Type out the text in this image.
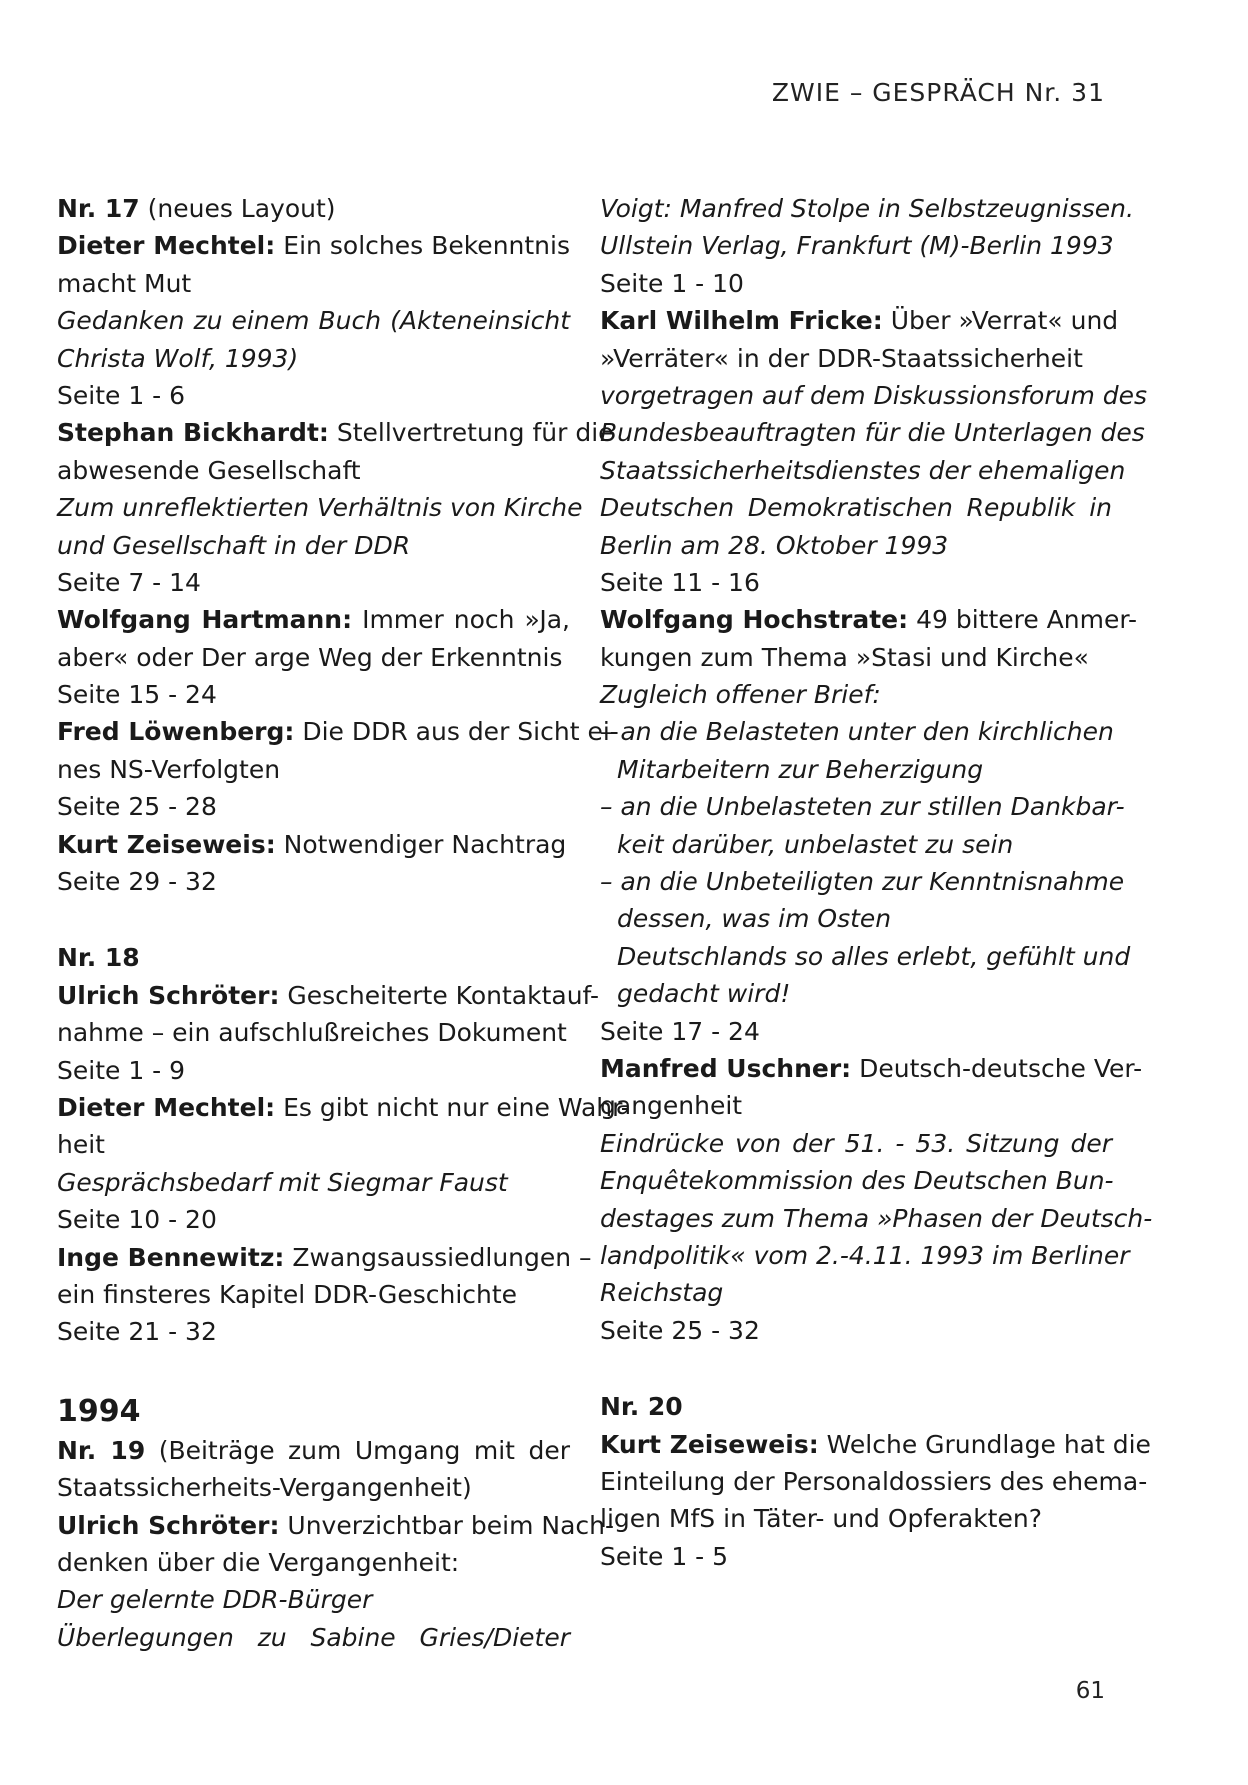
ZWIE – GESPRÄCH Nr. 31
Nr. 17 (neues Layout)
Dieter Mechtel: Ein solches Bekenntnis
macht Mut
Gedanken zu einem Buch (Akteneinsicht
Christa Wolf, 1993)
Seite 1 - 6
Stephan Bickhardt: Stellvertretung für die
abwesende Gesellschaft
Zum unreflektierten Verhältnis von Kirche
und Gesellschaft in der DDR
Seite 7 - 14
Wolfgang Hartmann: Immer noch »Ja,
aber« oder Der arge Weg der Erkenntnis
Seite 15 - 24
Fred Löwenberg: Die DDR aus der Sicht ei-
nes NS-Verfolgten
Seite 25 - 28
Kurt Zeiseweis: Notwendiger Nachtrag
Seite 29 - 32
Nr. 18
Ulrich Schröter: Gescheiterte Kontaktauf-
nahme – ein aufschlußreiches Dokument
Seite 1 - 9
Dieter Mechtel: Es gibt nicht nur eine Wahr-
heit
Gesprächsbedarf mit Siegmar Faust
Seite 10 - 20
Inge Bennewitz: Zwangsaussiedlungen –
ein finsteres Kapitel DDR-Geschichte
Seite 21 - 32
1994
Nr. 19 (Beiträge zum Umgang mit der
Staatssicherheits-Vergangenheit)
Ulrich Schröter: Unverzichtbar beim Nach-
denken über die Vergangenheit:
Der gelernte DDR-Bürger
Überlegungen zu Sabine Gries/Dieter
Voigt: Manfred Stolpe in Selbstzeugnissen.
Ullstein Verlag, Frankfurt (M)-Berlin 1993
Seite 1 - 10
Karl Wilhelm Fricke: Über »Verrat« und
»Verräter« in der DDR-Staatssicherheit
vorgetragen auf dem Diskussionsforum des
Bundesbeauftragten für die Unterlagen des
Staatssicherheitsdienstes der ehemaligen
Deutschen Demokratischen Republik in
Berlin am 28. Oktober 1993
Seite 11 - 16
Wolfgang Hochstrate: 49 bittere Anmer-
kungen zum Thema »Stasi und Kirche«
Zugleich offener Brief:
– an die Belasteten unter den kirchlichen
Mitarbeitern zur Beherzigung
– an die Unbelasteten zur stillen Dankbar-
keit darüber, unbelastet zu sein
– an die Unbeteiligten zur Kenntnisnahme
dessen, was im Osten
Deutschlands so alles erlebt, gefühlt und
gedacht wird!
Seite 17 - 24
Manfred Uschner: Deutsch-deutsche Ver-
gangenheit
Eindrücke von der 51. - 53. Sitzung der
Enquêtekommission des Deutschen Bun-
destages zum Thema »Phasen der Deutsch-
landpolitik« vom 2.-4.11. 1993 im Berliner
Reichstag
Seite 25 - 32
Nr. 20
Kurt Zeiseweis: Welche Grundlage hat die
Einteilung der Personaldossiers des ehema-
ligen MfS in Täter- und Opferakten?
Seite 1 - 5
61
